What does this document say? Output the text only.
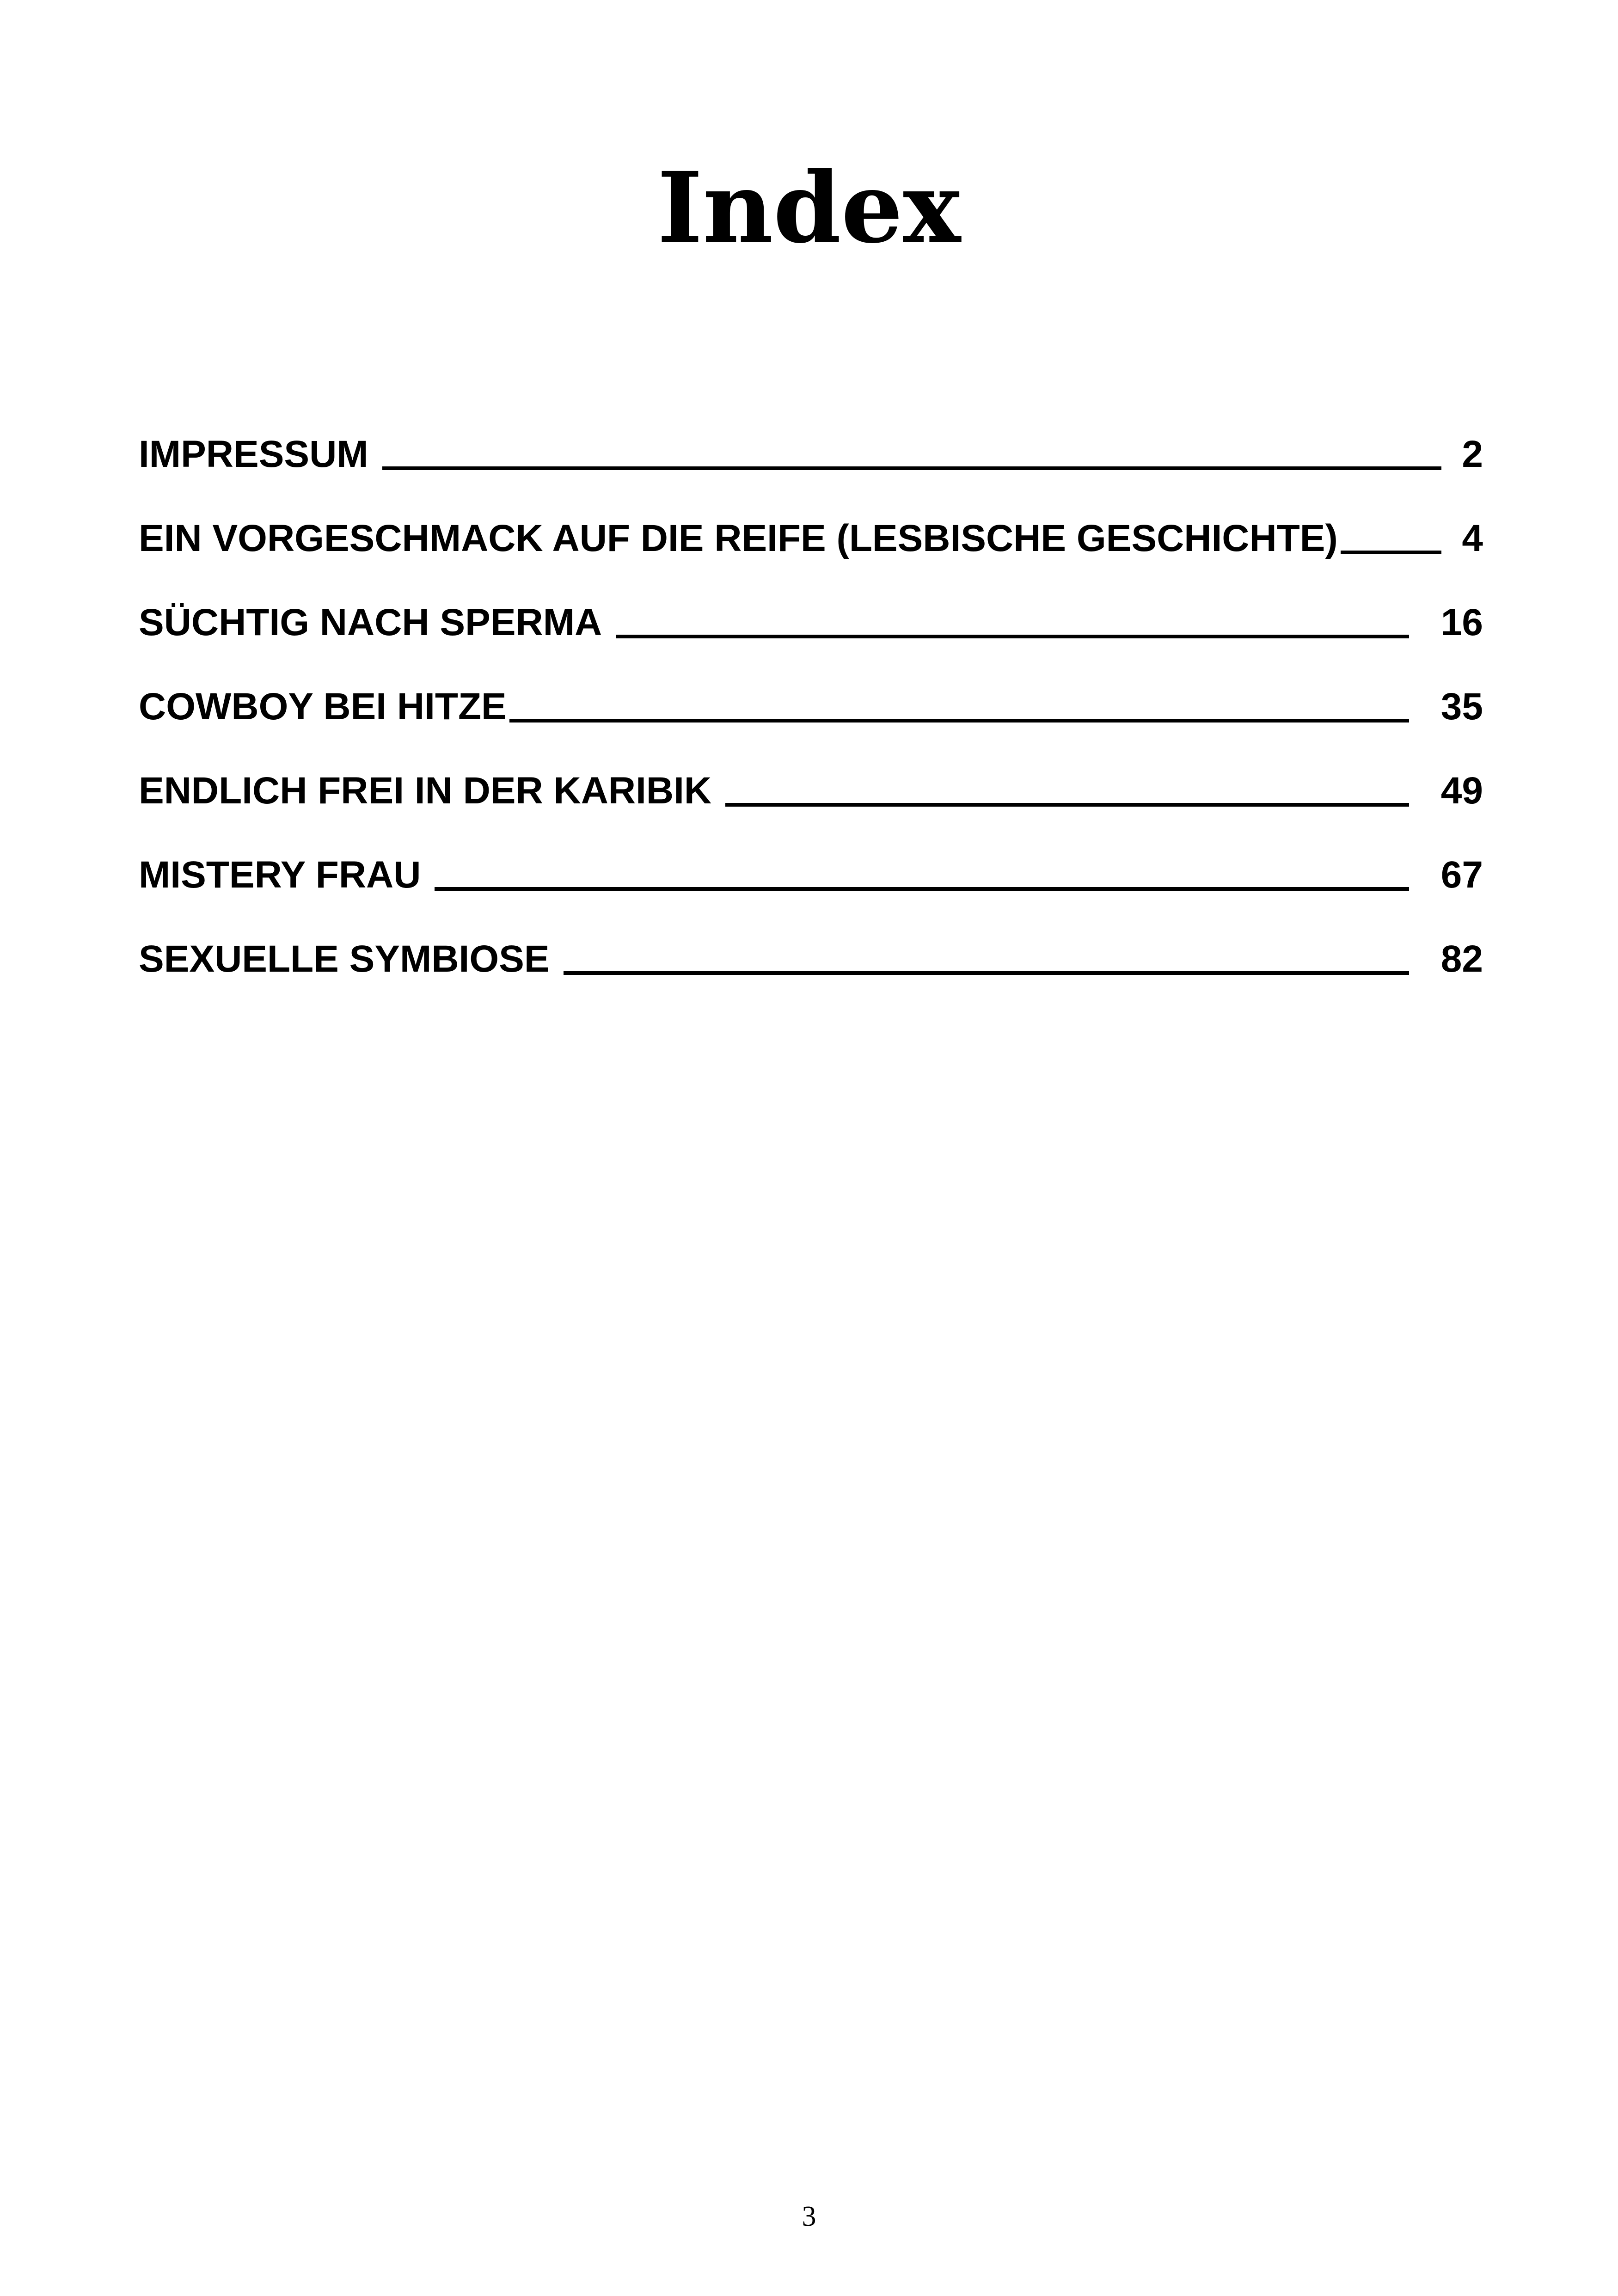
Index
IMPRESSUM	2
EIN VORGESCHMACK AUF DIE REIFE (LESBISCHE GESCHICHTE)	4
SÜCHTIG NACH SPERMA	16
COWBOY BEI HITZE	35
ENDLICH FREI IN DER KARIBIK	49
MISTERY FRAU	67
SEXUELLE SYMBIOSE	82
3
